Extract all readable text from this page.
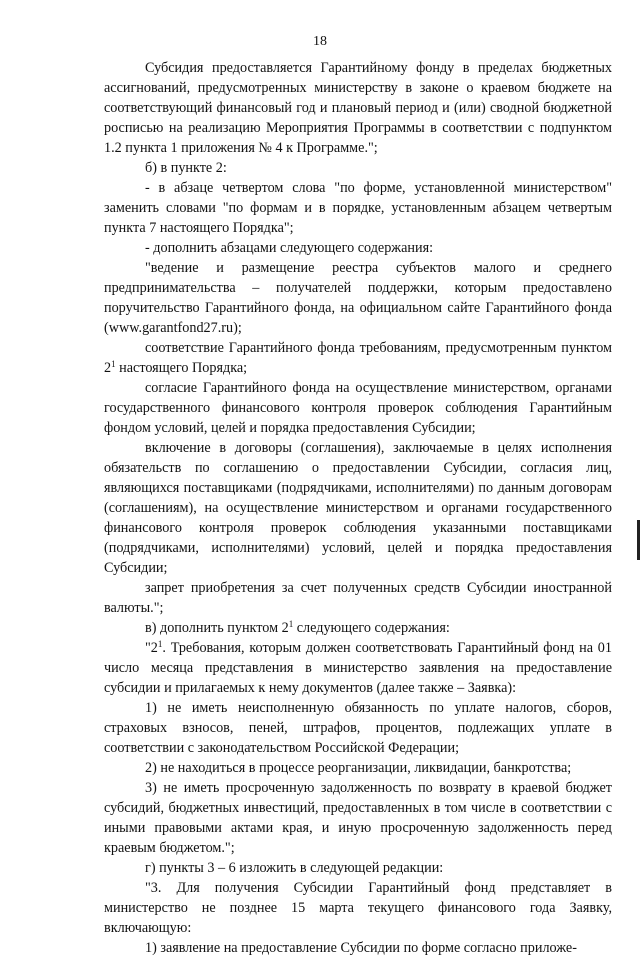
18

Субсидия предоставляется Гарантийному фонду в пределах бюджетных ассигнований, предусмотренных министерству в законе о краевом бюджете на соответствующий финансовый год и плановый период и (или) сводной бюджетной росписью на реализацию Мероприятия Программы в соответствии с подпунктом 1.2 пункта 1 приложения № 4 к Программе.";

б) в пункте 2:

- в абзаце четвертом слова "по форме, установленной министерством" заменить словами "по формам и в порядке, установленным абзацем четвертым пункта 7 настоящего Порядка";

- дополнить абзацами следующего содержания:

"ведение и размещение реестра субъектов малого и среднего предпринимательства – получателей поддержки, которым предоставлено поручительство Гарантийного фонда, на официальном сайте Гарантийного фонда (www.garantfond27.ru);

соответствие Гарантийного фонда требованиям, предусмотренным пунктом $2^1$ настоящего Порядка;

согласие Гарантийного фонда на осуществление министерством, органами государственного финансового контроля проверок соблюдения Гарантийным фондом условий, целей и порядка предоставления Субсидии;

включение в договоры (соглашения), заключаемые в целях исполнения обязательств по соглашению о предоставлении Субсидии, согласия лиц, являющихся поставщиками (подрядчиками, исполнителями) по данным договорам (соглашениям), на осуществление министерством и органами государственного финансового контроля проверок соблюдения указанными поставщиками (подрядчиками, исполнителями) условий, целей и порядка предоставления Субсидии;

запрет приобретения за счет полученных средств Субсидии иностранной валюты.";

в) дополнить пунктом $2^1$ следующего содержания:

"$2^1$. Требования, которым должен соответствовать Гарантийный фонд на 01 число месяца представления в министерство заявления на предоставление субсидии и прилагаемых к нему документов (далее также – Заявка):

1) не иметь неисполненную обязанность по уплате налогов, сборов, страховых взносов, пеней, штрафов, процентов, подлежащих уплате в соответствии с законодательством Российской Федерации;

2) не находиться в процессе реорганизации, ликвидации, банкротства;

3) не иметь просроченную задолженность по возврату в краевой бюджет субсидий, бюджетных инвестиций, предоставленных в том числе в соответствии с иными правовыми актами края, и иную просроченную задолженность перед краевым бюджетом.";

г) пункты 3 – 6 изложить в следующей редакции:

"3. Для получения Субсидии Гарантийный фонд представляет в министерство не позднее 15 марта текущего финансового года Заявку, включающую:

1) заявление на предоставление Субсидии по форме согласно приложе-
